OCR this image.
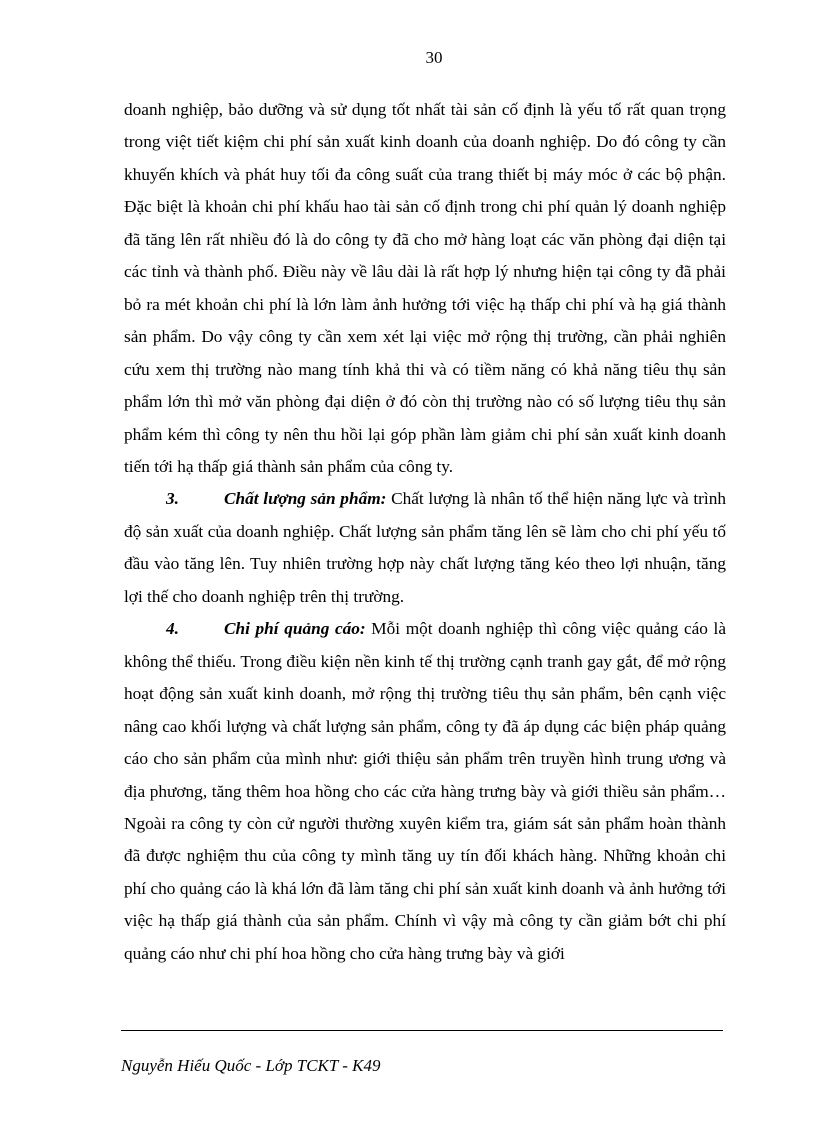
30

doanh nghiệp, bảo dưỡng và sử dụng tốt nhất tài sản cố định là yếu tố rất quan trọng trong việt tiết kiệm chi phí sản xuất kinh doanh của doanh nghiệp. Do đó công ty cần khuyến khích và phát huy tối đa công suất của trang thiết bị máy móc ở các bộ phận. Đặc biệt là khoản chi phí khấu hao tài sản cố định trong chi phí quản lý doanh nghiệp đã tăng lên rất nhiều đó là do công ty đã cho mở hàng loạt các văn phòng đại diện tại các tỉnh và thành phố. Điều này về lâu dài là rất hợp lý nhưng hiện tại công ty đã phải bỏ ra mét khoản chi phí là lớn làm ảnh hưởng tới việc hạ thấp chi phí và hạ giá thành sản phẩm. Do vậy công ty cần xem xét lại việc mở rộng thị trường, cần phải nghiên cứu xem thị trường nào mang tính khả thi và có tiềm năng có khả năng tiêu thụ sản phẩm lớn thì mở văn phòng đại diện ở đó còn thị trường nào có số lượng tiêu thụ sản phẩm kém thì công ty nên thu hồi lại góp phần làm giảm chi phí sản xuất kinh doanh tiến tới hạ thấp giá thành sản phẩm của công ty.

3.	Chất lượng sản phẩm: Chất lượng là nhân tố thể hiện năng lực và trình độ sản xuất của doanh nghiệp. Chất lượng sản phẩm tăng lên sẽ làm cho chi phí yếu tố đầu vào tăng lên. Tuy nhiên trường hợp này chất lượng tăng kéo theo lợi nhuận, tăng lợi thế cho doanh nghiệp trên thị trường.

4.	Chi phí quảng cáo: Mỗi một doanh nghiệp thì công việc quảng cáo là không thể thiếu. Trong điều kiện nền kinh tế thị trường cạnh tranh gay gắt, để mở rộng hoạt động sản xuất kinh doanh, mở rộng thị trường tiêu thụ sản phẩm, bên cạnh việc nâng cao khối lượng và chất lượng sản phẩm, công ty đã áp dụng các biện pháp quảng cáo cho sản phẩm của mình như: giới thiệu sản phẩm trên truyền hình trung ương và địa phương, tăng thêm hoa hồng cho các cửa hàng trưng bày và giới thiều sản phẩm… Ngoài ra công ty còn cử người thường xuyên kiểm tra, giám sát sản phẩm hoàn thành đã được nghiệm thu của công ty mình tăng uy tín đối khách hàng. Những khoản chi phí cho quảng cáo là khá lớn đã làm tăng chi phí sản xuất kinh doanh và ảnh hưởng tới việc hạ thấp giá thành của sản phẩm. Chính vì vậy mà công ty cần giảm bớt chi phí quảng cáo như chi phí hoa hồng cho cửa hàng trưng bày và giới

Nguyễn Hiếu Quốc - Lớp TCKT - K49
